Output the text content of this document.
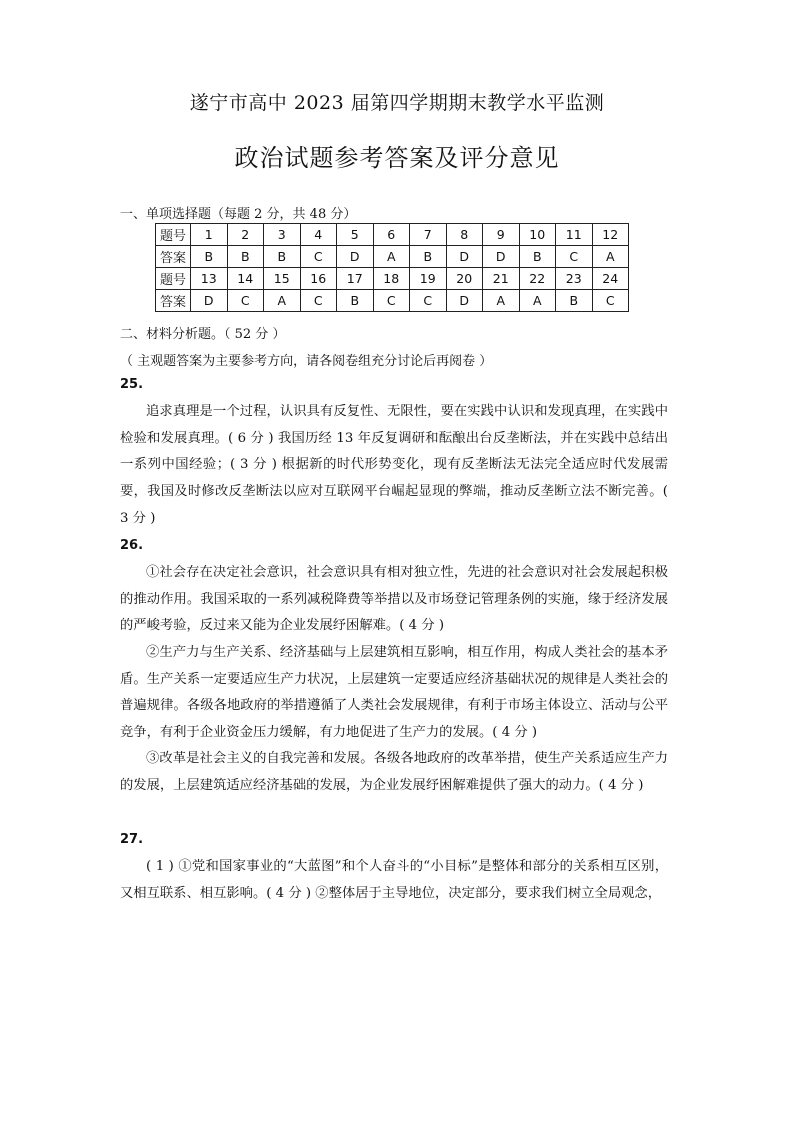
遂宁市高中 2023 届第四学期期末教学水平监测
政治试题参考答案及评分意见
一、单项选择题（每题 2 分，共 48 分）
题号	1	2	3	4	5	6	7	8	9	10	11	12
答案	B	B	B	C	D	A	B	D	D	B	C	A
题号	13	14	15	16	17	18	19	20	21	22	23	24
答案	D	C	A	C	B	C	C	D	A	A	B	C
二、材料分析题。（ 52 分 ）
（ 主观题答案为主要参考方向，请各阅卷组充分讨论后再阅卷 ）
25.
追求真理是一个过程，认识具有反复性、无限性，要在实践中认识和发现真理，在实践中检验和发展真理。( 6 分 ) 我国历经 13 年反复调研和酝酿出台反垄断法，并在实践中总结出一系列中国经验；( 3 分 ) 根据新的时代形势变化，现有反垄断法无法完全适应时代发展需要，我国及时修改反垄断法以应对互联网平台崛起显现的弊端，推动反垄断立法不断完善。( 3 分 )
26.
①社会存在决定社会意识，社会意识具有相对独立性，先进的社会意识对社会发展起积极的推动作用。我国采取的一系列减税降费等举措以及市场登记管理条例的实施，缘于经济发展的严峻考验，反过来又能为企业发展纾困解难。( 4 分 )
②生产力与生产关系、经济基础与上层建筑相互影响，相互作用，构成人类社会的基本矛盾。生产关系一定要适应生产力状况，上层建筑一定要适应经济基础状况的规律是人类社会的普遍规律。各级各地政府的举措遵循了人类社会发展规律，有利于市场主体设立、活动与公平竞争，有利于企业资金压力缓解，有力地促进了生产力的发展。( 4 分 )
③改革是社会主义的自我完善和发展。各级各地政府的改革举措，使生产关系适应生产力的发展，上层建筑适应经济基础的发展，为企业发展纾困解难提供了强大的动力。( 4 分 )
27.
( 1 ) ①党和国家事业的“大蓝图”和个人奋斗的“小目标”是整体和部分的关系相互区别，又相互联系、相互影响。( 4 分 ) ②整体居于主导地位，决定部分，要求我们树立全局观念，
